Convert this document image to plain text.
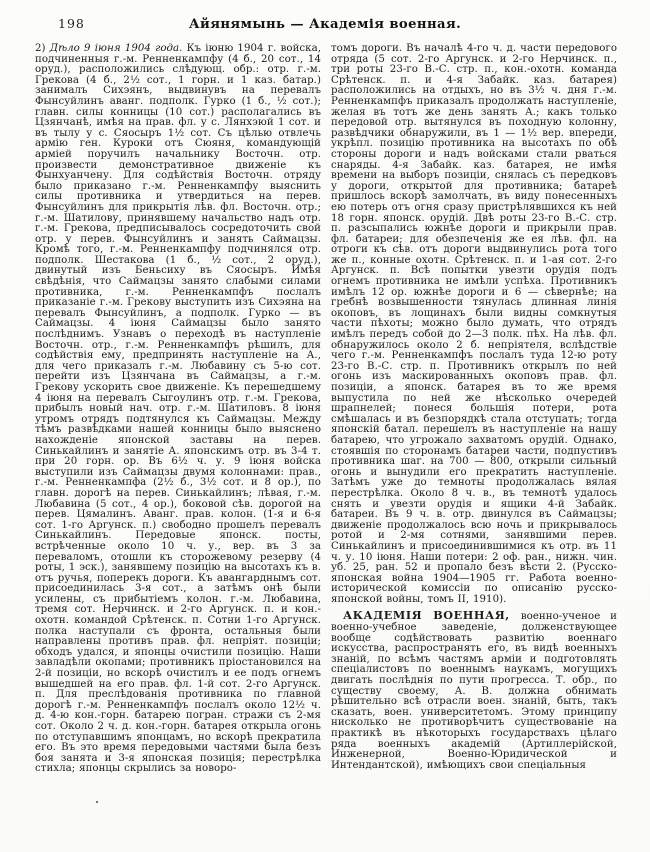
198	Айянямынь — Академія военная.

2) Дѣло 9 іюня 1904 года. Къ іюню 1904 г. войска, подчиненныя г.-м. Ренненкампфу (4 б., 20 сот., 14 оруд.), расположились слѣдующ. обр.: отр. г.-м. Грекова (4 б., 2½ сот., 1 горн. и 1 каз. батар.) занималъ Сихэянъ, выдвинувъ на перевалъ Фынсуйлинъ аванг. подполк. Гурко (1 б., ½ сот.); главн. силы конницы (10 сот.) располагались въ Цзянчанѣ, имѣя на прав. фл. у с. Лянхэюй 1 сот. и въ тылу у с. Сяосыръ 1½ сот. Съ цѣлью отвлечь армію ген. Куроки отъ Сюяня, командующій арміей поручилъ начальнику Восточн. отр. произвести демонстративное движеніе къ Фынхуанчену. Для содѣйствія Восточн. отряду было приказано г.-м. Ренненкампфу выяснить силы противника и утвердиться на перев. Фынсуйлинъ для прикрытія лѣв. фл. Восточн. отр.; г.-м. Шатилову, принявшему начальство надъ отр. г.-м. Грекова, предписывалось сосредоточить свой отр. у перев. Фынсуйлинъ и занять Саймацзы. Кромѣ того, г.-м. Ренненкампфу подчинялся отр. подполк. Шестакова (1 б., ½ сот., 2 оруд.), двинутый изъ Беньсиху въ Сяосыръ. Имѣя свѣдѣнія, что Саймацзы занято слабыми силами противника, г.-м. Ренненкампфъ послалъ приказаніе г.-м. Грекову выступить изъ Сихэяна на перевалъ Фынсуйлинъ, а подполк. Гурко — въ Саймацзы. 4 іюня Саймацзы было занято послѣднимъ. Узнавъ о переходѣ въ наступленіе Восточн. отр., г.-м. Ренненкампфъ рѣшилъ, для содѣйствія ему, предпринять наступленіе на А., для чего приказалъ г.-м. Любавину съ 5-ю сот. перейти изъ Цзянчана въ Саймацзы, а г.-м. Грекову ускорить свое движеніе. Къ перешедшему 4 іюня на перевалъ Сыгоулинъ отр. г.-м. Грекова, прибылъ новый нач. отр. г.-м. Шатиловъ. 8 іюня утромъ отрядъ подтянулся къ Саймацзы. Между тѣмъ развѣдками нашей конницы было выяснено нахожденіе японской заставы на перев. Синькайлинъ и занятіе А. японскимъ отр. въ 3-4 т. при 20 горн. ор. Въ 6½ ч. у. 9 іюня войска выступили изъ Саймацзы двумя колоннами: прав., г.-м. Ренненкампфа (2½ б., 3½ сот. и 8 ор.), по главн. дорогѣ на перев. Синькайлинъ; лѣвая, г.-м. Любавина (5 сот., 4 ор.), боковой сѣв. дорогой на перев. Цямалинъ. Аванг. прав. колон. (1-я и 6-я сот. 1-го Аргунск. п.) свободно прошелъ перевалъ Синькайлинъ. Передовые японск. посты, встрѣченные около 10 ч. у., вер. въ 3 за переваломъ, отошли къ сторожевому резерву (4 роты, 1 эск.), занявшему позицію на высотахъ къ в. отъ ручья, поперекъ дороги. Къ авангарднымъ сот. присоединилась 3-я сот., а затѣмъ онѣ были усилены, съ прибытіемъ колон. г.-м. Любавина, тремя сот. Нерчинск. и 2-го Аргунск. п. и кон.-охотн. командой Срѣтенск. п. Сотни 1-го Аргунск. полка наступали съ фронта, остальныя были направлены противъ прав. фл. непріят. позиціи; обходъ удался, и японцы очистили позицію. Наши завладѣли окопами; противникъ пріостановился на 2-й позиціи, но вскорѣ очистилъ и ее подъ огнемъ вышедшей на его прав. фл. 1-й сот. 2-го Аргунск. п. Для преслѣдованія противника по главной дорогѣ г.-м. Ренненкампфъ послалъ около 12½ ч. д. 4-ю кон.-горн. батарею погран. стражи съ 2-мя сот. Около 2 ч. д. кон.-горн. батарея открыла огонь по отступавшимъ японцамъ, но вскорѣ прекратила его. Въ это время передовыми частями была безъ боя занята и 3-я японская позиція; перестрѣлка стихла; японцы скрылись за новоро-

томъ дороги. Въ началѣ 4-го ч. д. части передового отряда (5 сот. 2-го Аргунск. и 2-го Нерчинск. п., три роты 23-го В.-С. стр. п., кон.-охотн. команда Срѣтенск. п. и 4-я Забайк. каз. батарея) расположились на отдыхъ, но въ 3½ ч. дня г.-м. Ренненкампфъ приказалъ продолжать наступленіе, желая въ тотъ же день занять А.; какъ только передовой отр. вытянулся въ походную колонну, развѣдчики обнаружили, въ 1 — 1½ вер. впереди, укрѣпл. позицію противника на высотахъ по обѣ стороны дороги и надъ войсками стали рваться снаряды. 4-я Забайк. каз. батарея, не имѣя времени на выборъ позиціи, снялась съ передковъ у дороги, открытой для противника; батареѣ пришлось вскорѣ замолчать, въ виду понесенныхъ ею потерь отъ огня сразу пристрѣлявшихся къ ней 18 горн. японск. орудій. Двѣ роты 23-го В.-С. стр. п. разсыпались южнѣе дороги и прикрыли прав. фл. батареи; для обезпеченія же ея лѣв. фл. на отроги къ сѣв. отъ дороги выдвинулись рота того же п., конные охотн. Срѣтенск. п. и 1-ая сот. 2-го Аргунск. п. Всѣ попытки увезти орудія подъ огнемъ противника не имѣли успѣха. Противникъ имѣлъ 12 ор. южнѣе дороги и 6 — сѣвернѣе; на гребнѣ возвышенности тянулась длинная линія окоповъ, въ лощинахъ были видны сомкнутыя части пѣхоты; можно было думать, что отрядъ имѣлъ передъ собой до 2—3 полк. пѣх. На лѣв. фл. обнаружилось около 2 б. непріятеля, вслѣдствіе чего г.-м. Ренненкампфъ послалъ туда 12-ю роту 23-го В.-С. стр. п. Противникъ открылъ по ней огонь изъ маскированныхъ окоповъ прав. фл. позиціи, а японск. батарея въ то же время выпустила по ней же нѣсколько очередей шрапнелей; понеся большія потери, рота смѣшалась и въ безпорядкѣ стала отступать; тогда японскій батал. перешелъ въ наступленіе на нашу батарею, что угрожало захватомъ орудій. Однако, стоявшія по сторонамъ батареи части, подпустивъ противника шаг. на 700 — 800, открыли сильный огонь и вынудили его прекратить наступленіе. Затѣмъ уже до темноты продолжалась вялая перестрѣлка. Около 8 ч. в., въ темнотѣ удалось снять и увезти орудія и ящики 4-й Забайк. батареи. Въ 9 ч. в. отр. двинулся въ Саймацзы; движеніе продолжалось всю ночь и прикрывалось ротой и 2-мя сотнями, занявшими перев. Синькайлинъ и присоединившимися къ отр. въ 11 ч. у. 10 іюня. Наши потери: 2 оф. ран., нижн. чин. уб. 25, ран. 52 и пропало безъ вѣсти 2. (Русско-японская война 1904—1905 гг. Работа военно-исторической комиссіи по описанію русско-японской войны, томъ II, 1910).

АКАДЕМІЯ ВОЕННАЯ, военно-ученое и военно-учебное заведеніе, долженствующее вообще содѣйствовать развитію военнаго искусства, распространять его, въ видѣ военныхъ знаній, по всѣмъ частямъ арміи и подготовлять спеціалистовъ по военнымъ наукамъ, могущихъ двигать послѣднія по пути прогресса. Т. обр., по существу своему, А. В. должна обнимать рѣшительно всѣ отрасли воен. знаній, быть, такъ сказать, воен. университетомъ. Этому принципу нисколько не противорѣчитъ существованіе на практикѣ въ нѣкоторыхъ государствахъ цѣлаго ряда военныхъ академій (Артиллерійской, Инженерной, Военно-Юридической и Интендантской), имѣющихъ свои спеціальныя
